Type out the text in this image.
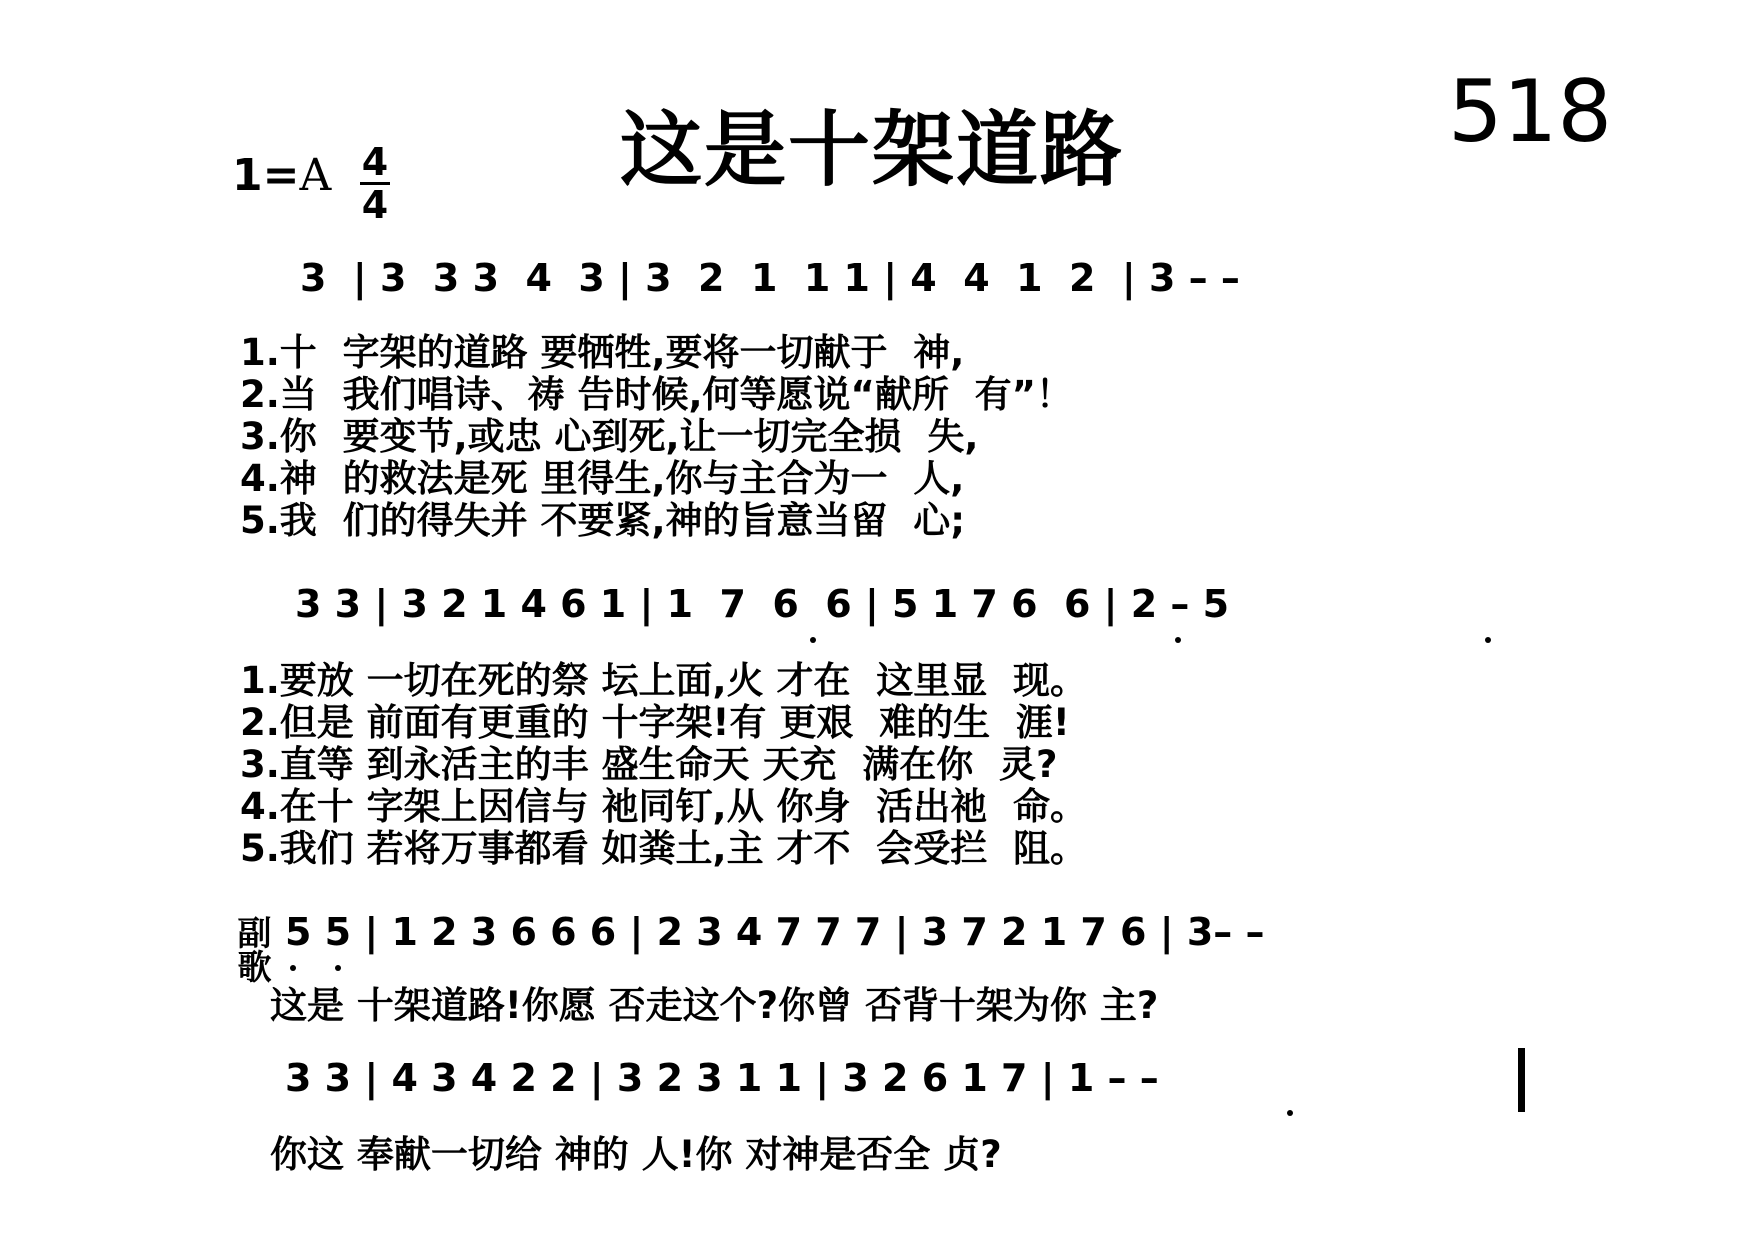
这是十架道路	518
1=A 4
4
3  | 3  3 3  4  3 | 3  2  1  1 1 | 4  4  1  2  | 3 – –
1.十  字架的道路 要牺牲,要将一切献于  神,
2.当  我们唱诗、祷 告时候,何等愿说“献所  有”！
3.你  要变节,或忠 心到死,让一切完全损  失,
4.神  的救法是死 里得生,你与主合为一  人,
5.我  们的得失并 不要紧,神的旨意当留  心;
3 3 | 3 2 1 4 6 1 | 1  7  6  6 | 5 1 7 6  6 | 2 – 5
1.要放 一切在死的祭 坛上面,火 才在  这里显  现。
2.但是 前面有更重的 十字架!有 更艰  难的生  涯!
3.直等 到永活主的丰 盛生命天 天充  满在你  灵?
4.在十 字架上因信与 祂同钉,从 你身  活出祂  命。
5.我们 若将万事都看 如粪土,主 才不  会受拦  阻。
副歌 5 5 | 1 2 3 6 6 6 | 2 3 4 7 7 7 | 3 7 2 1 7 6 | 3– –
这是 十架道路!你愿 否走这个?你曾 否背十架为你 主?
3 3 | 4 3 4 2 2 | 3 2 3 1 1 | 3 2 6 1 7 | 1 – –
你这 奉献一切给 神的 人!你 对神是否全 贞?
